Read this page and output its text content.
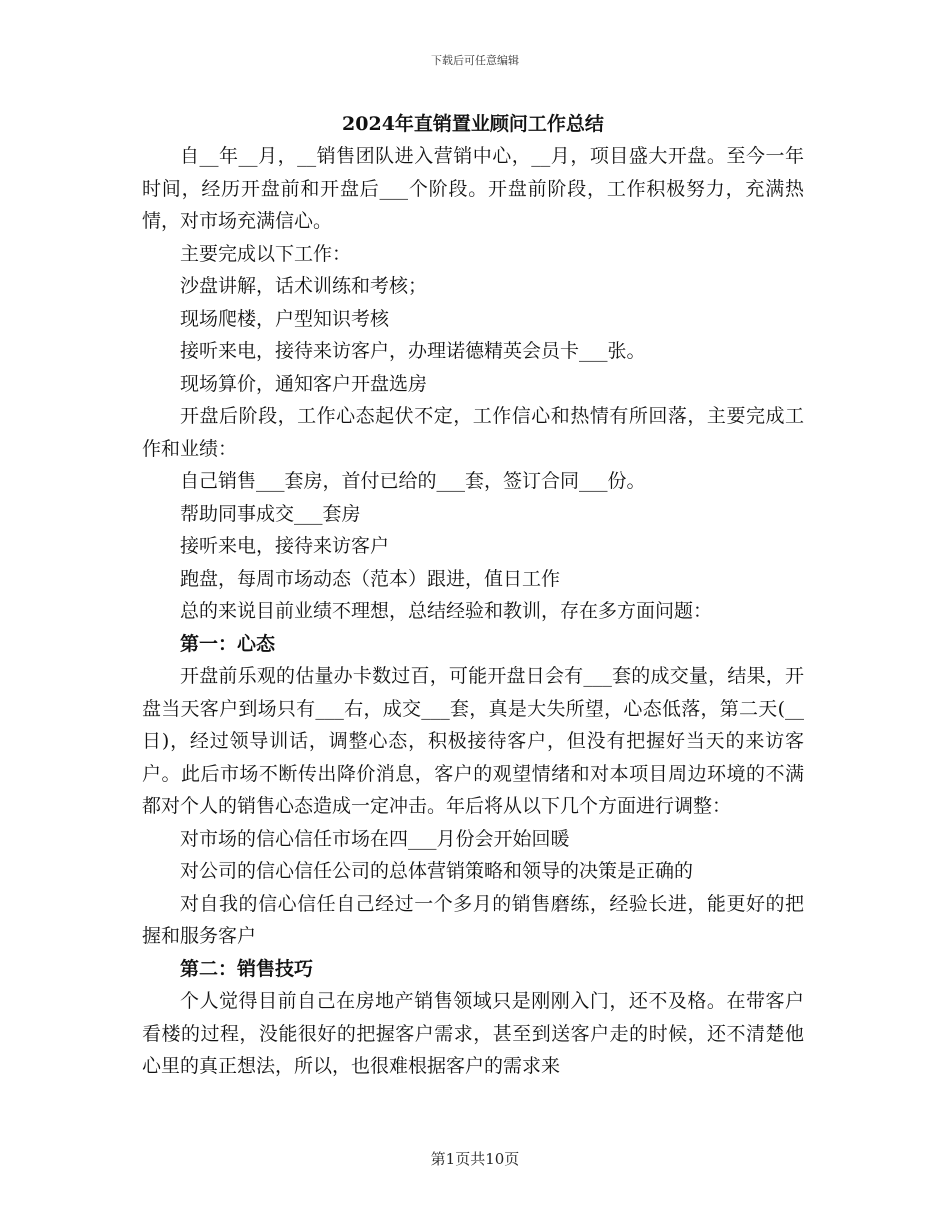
下载后可任意编辑
2024年直销置业顾问工作总结

自__年__月，__销售团队进入营销中心，__月，项目盛大开盘。至今一年时间，经历开盘前和开盘后___个阶段。开盘前阶段，工作积极努力，充满热情，对市场充满信心。

主要完成以下工作：

沙盘讲解，话术训练和考核；

现场爬楼，户型知识考核

接听来电，接待来访客户，办理诺德精英会员卡___张。

现场算价，通知客户开盘选房

开盘后阶段，工作心态起伏不定，工作信心和热情有所回落，主要完成工作和业绩：

自己销售___套房，首付已给的___套，签订合同___份。

帮助同事成交___套房

接听来电，接待来访客户

跑盘，每周市场动态（范本）跟进，值日工作

总的来说目前业绩不理想，总结经验和教训，存在多方面问题：

第一：心态

开盘前乐观的估量办卡数过百，可能开盘日会有___套的成交量，结果，开盘当天客户到场只有___右，成交___套，真是大失所望，心态低落，第二天(__日)，经过领导训话，调整心态，积极接待客户，但没有把握好当天的来访客户。此后市场不断传出降价消息，客户的观望情绪和对本项目周边环境的不满都对个人的销售心态造成一定冲击。年后将从以下几个方面进行调整：

对市场的信心信任市场在四___月份会开始回暖

对公司的信心信任公司的总体营销策略和领导的决策是正确的

对自我的信心信任自己经过一个多月的销售磨练，经验长进，能更好的把握和服务客户

第二：销售技巧

个人觉得目前自己在房地产销售领域只是刚刚入门，还不及格。在带客户看楼的过程，没能很好的把握客户需求，甚至到送客户走的时候，还不清楚他心里的真正想法，所以，也很难根据客户的需求来

第1页共10页
